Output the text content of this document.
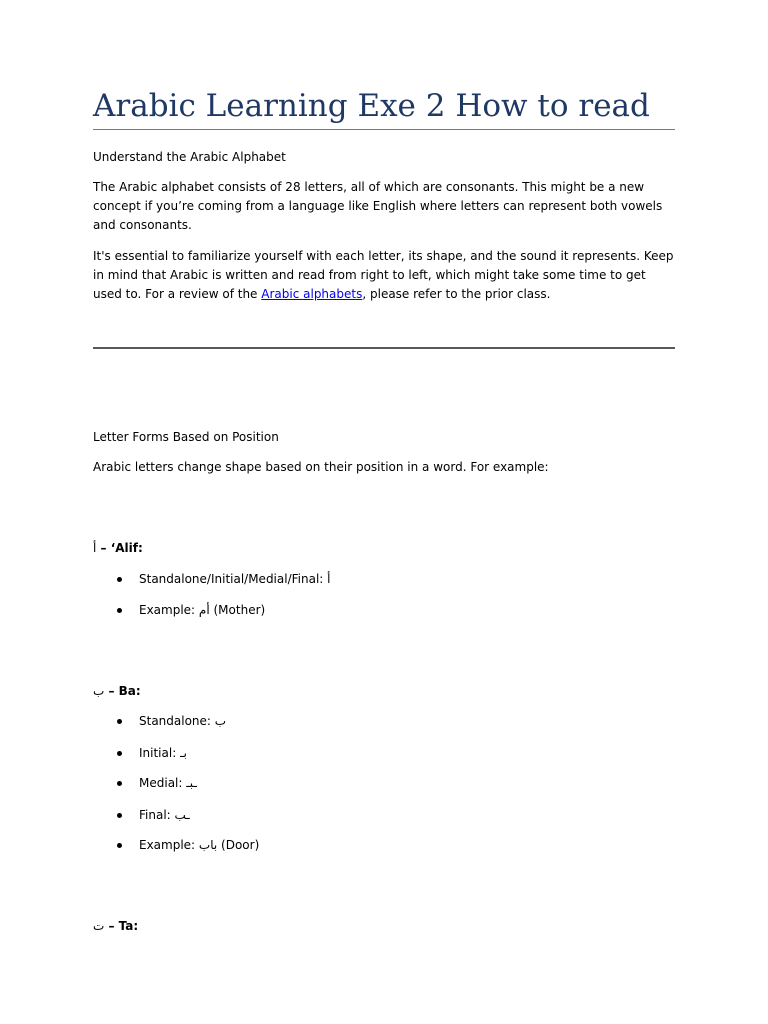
Arabic Learning Exe 2 How to read

Understand the Arabic Alphabet

The Arabic alphabet consists of 28 letters, all of which are consonants. This might be a new concept if you’re coming from a language like English where letters can represent both vowels and consonants.

It's essential to familiarize yourself with each letter, its shape, and the sound it represents. Keep in mind that Arabic is written and read from right to left, which might take some time to get used to. For a review of the Arabic alphabets, please refer to the prior class.

Letter Forms Based on Position

Arabic letters change shape based on their position in a word. For example:

أ – ‘Alif:

Standalone/Initial/Medial/Final: أ
Example: أم (Mother)

ب – Ba:

Standalone: ب
Initial: بـ
Medial: ـبـ
Final: ـب
Example: باب (Door)

ت – Ta:
